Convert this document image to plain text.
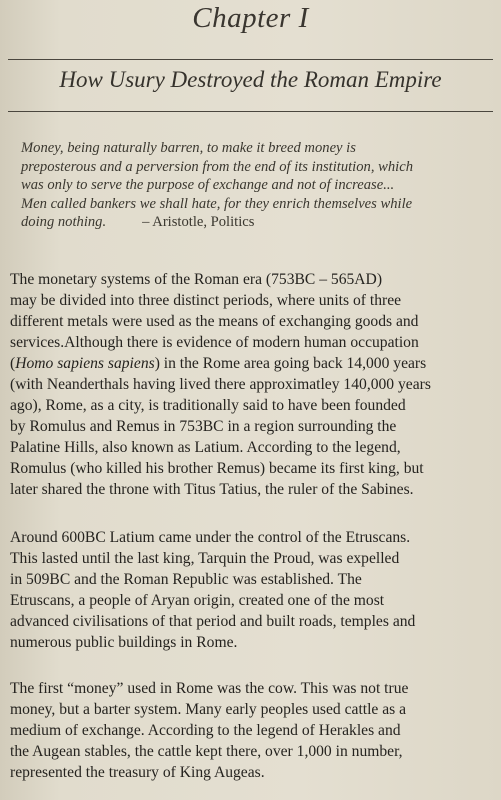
Chapter I
How Usury Destroyed the Roman Empire
Money, being naturally barren, to make it breed money is
preposterous and a perversion from the end of its institution, which
was only to serve the purpose of exchange and not of increase...
Men called bankers we shall hate, for they enrich themselves while
doing nothing. – Aristotle, Politics
The monetary systems of the Roman era (753BC – 565AD)
may be divided into three distinct periods, where units of three
different metals were used as the means of exchanging goods and
services.Although there is evidence of modern human occupation
(Homo sapiens sapiens) in the Rome area going back 14,000 years
(with Neanderthals having lived there approximatley 140,000 years
ago), Rome, as a city, is traditionally said to have been founded
by Romulus and Remus in 753BC in a region surrounding the
Palatine Hills, also known as Latium. According to the legend,
Romulus (who killed his brother Remus) became its first king, but
later shared the throne with Titus Tatius, the ruler of the Sabines.
Around 600BC Latium came under the control of the Etruscans.
This lasted until the last king, Tarquin the Proud, was expelled
in 509BC and the Roman Republic was established. The
Etruscans, a people of Aryan origin, created one of the most
advanced civilisations of that period and built roads, temples and
numerous public buildings in Rome.
The first “money” used in Rome was the cow. This was not true
money, but a barter system. Many early peoples used cattle as a
medium of exchange. According to the legend of Herakles and
the Augean stables, the cattle kept there, over 1,000 in number,
represented the treasury of King Augeas.
